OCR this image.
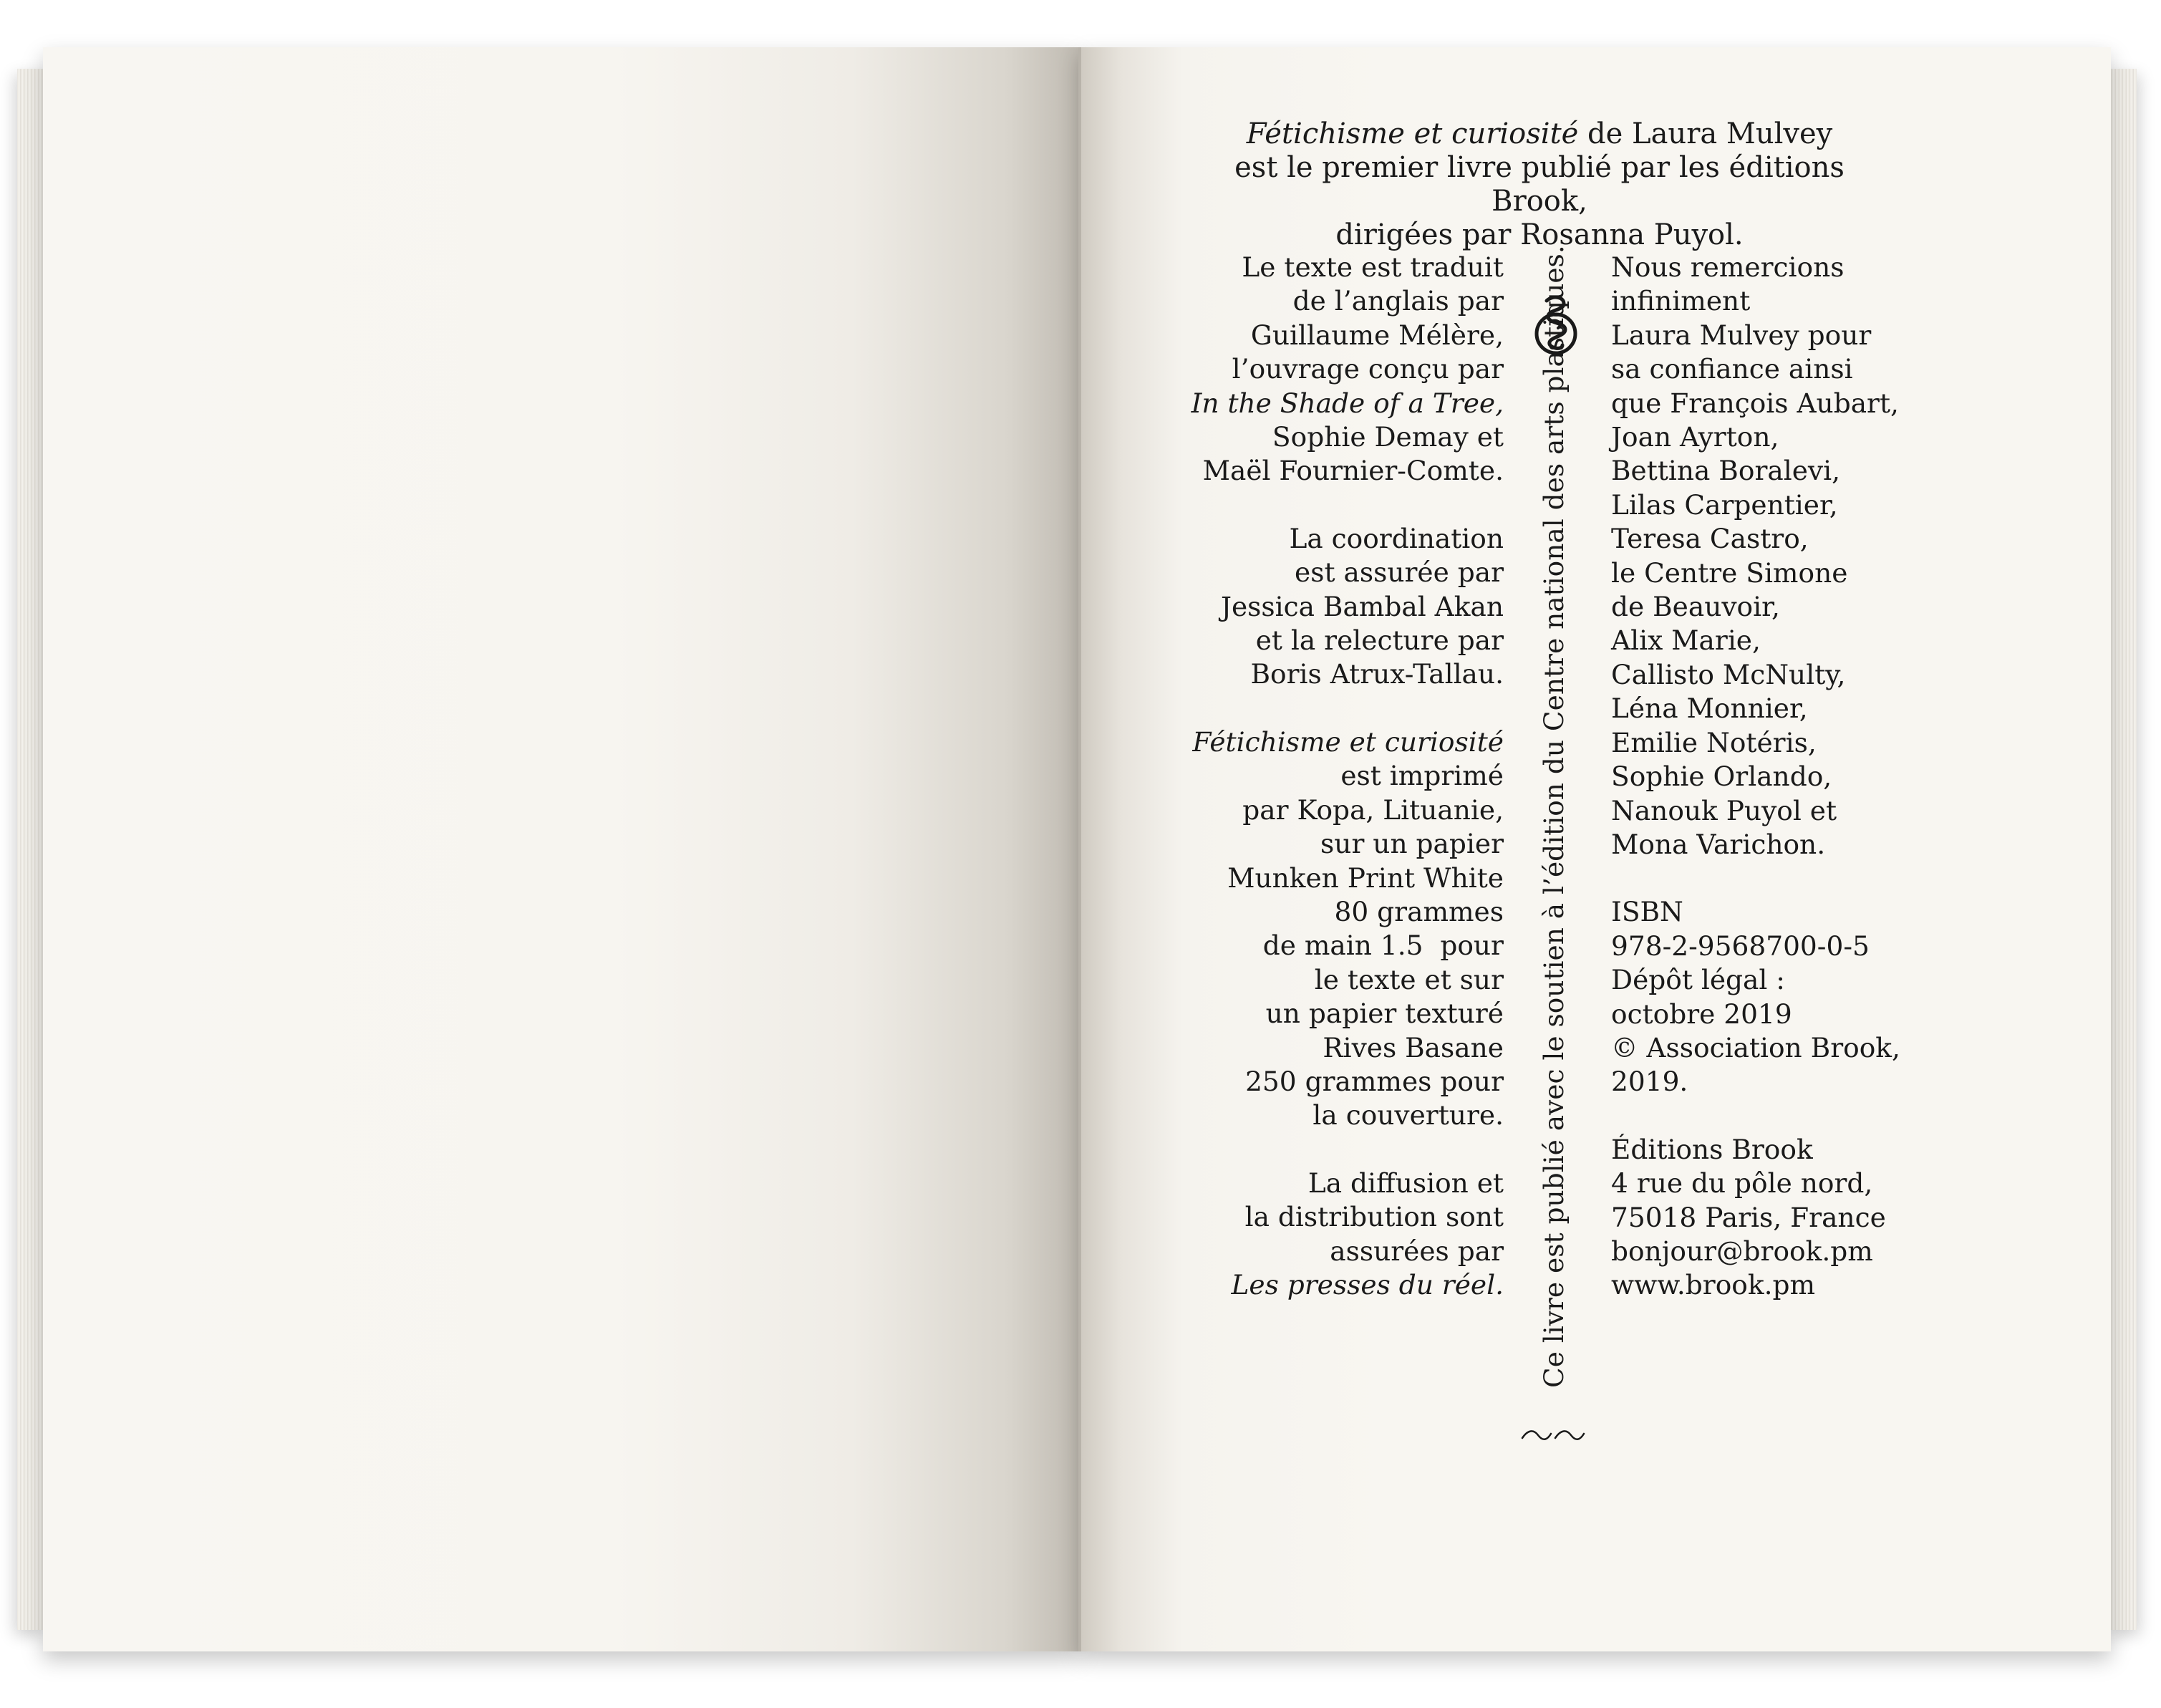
Fétichisme et curiosité de Laura Mulvey
est le premier livre publié par les éditions Brook,
dirigées par Rosanna Puyol.

Le texte est traduit
de l’anglais par
Guillaume Mélère,
l’ouvrage conçu par
In the Shade of a Tree,
Sophie Demay et
Maël Fournier-Comte.

La coordination
est assurée par
Jessica Bambal Akan
et la relecture par
Boris Atrux-Tallau.

Fétichisme et curiosité
est imprimé
par Kopa, Lituanie,
sur un papier
Munken Print White
80 grammes
de main 1.5  pour
le texte et sur
un papier texturé
Rives Basane
250 grammes pour
la couverture.

La diffusion et
la distribution sont
assurées par
Les presses du réel. Ce livre est publié avec le soutien à l’édition du Centre national des arts plastiques. Nous remercions
infiniment
Laura Mulvey pour
sa confiance ainsi
que François Aubart,
Joan Ayrton,
Bettina Boralevi,
Lilas Carpentier,
Teresa Castro,
le Centre Simone
de Beauvoir,
Alix Marie,
Callisto McNulty,
Léna Monnier,
Emilie Notéris,
Sophie Orlando,
Nanouk Puyol et
Mona Varichon.

ISBN
978-2-9568700-0-5
Dépôt légal :
octobre 2019
© Association Brook,
2019.

Éditions Brook
4 rue du pôle nord,
75018 Paris, France
bonjour@brook.pm
www.brook.pm
